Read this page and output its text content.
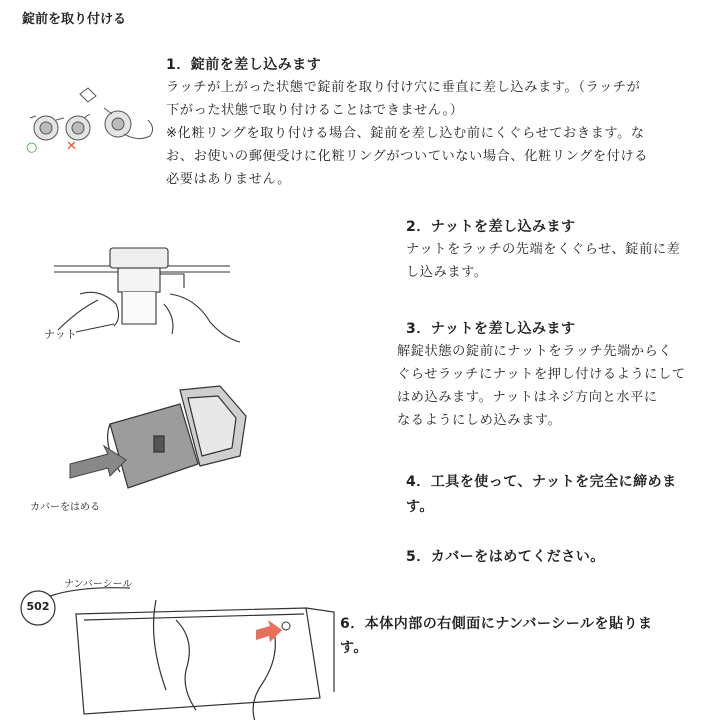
錠前を取り付ける
1．錠前を差し込みます
ラッチが上がった状態で錠前を取り付け穴に垂直に差し込みます。（ラッチが
下がった状態で取り付けることはできません。）
※化粧リングを取り付ける場合、錠前を差し込む前にくぐらせておきます。な
お、お使いの郵便受けに化粧リングがついていない場合、化粧リングを付ける
必要はありません。
○ ✕
2．ナットを差し込みます
ナットをラッチの先端をくぐらせ、錠前に差
し込みます。
ナット	3．ナットを差し込みます
解錠状態の錠前にナットをラッチ先端からく
ぐらせラッチにナットを押し付けるようにして
はめ込みます。ナットはネジ方向と水平に
なるようにしめ込みます。
カバーをはめる
4．工具を使って、ナットを完全に締めま
す。
5．カバーをはめてください。
6．本体内部の右側面にナンバーシールを貼りま
す。
ナンバーシール
502
